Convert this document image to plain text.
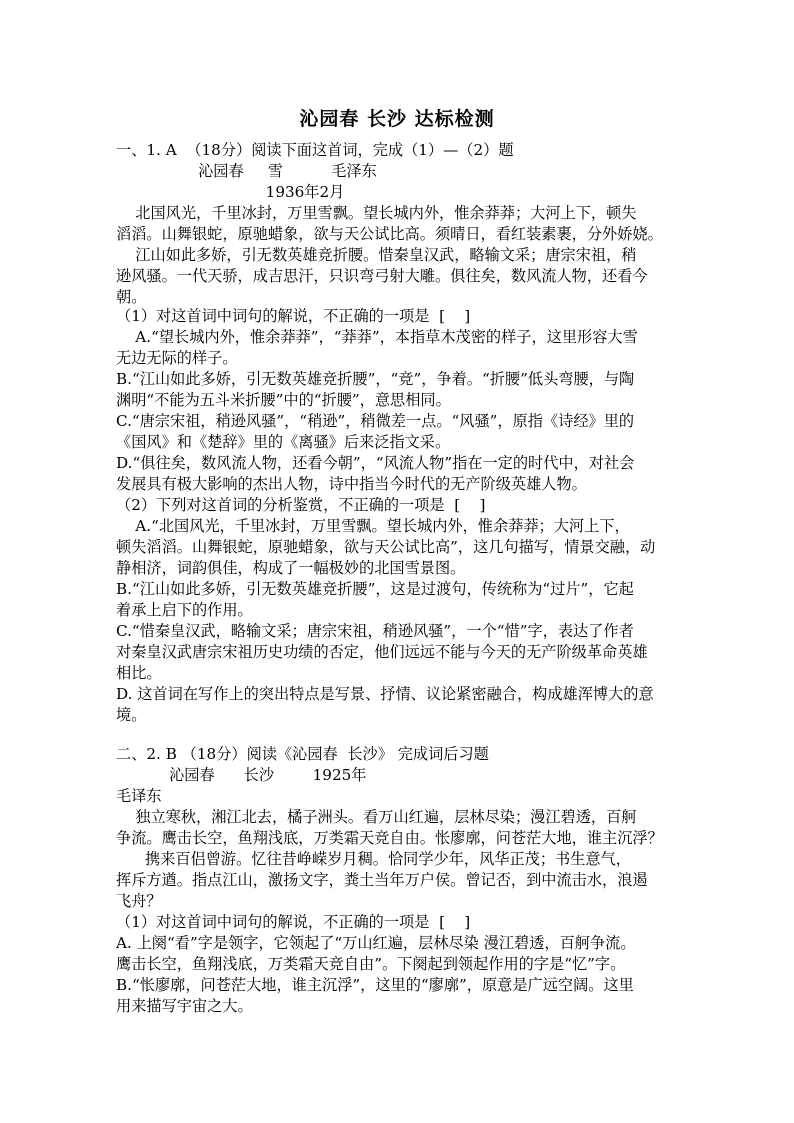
沁园春 长沙 达标检测
一、1. A  （18分）阅读下面这首词，完成（1）—（2）题
沁园春     雪          毛泽东
1936年2月
北国风光，千里冰封，万里雪飘。望长城内外，惟余莽莽；大河上下，顿失
滔滔。山舞银蛇，原驰蜡象，欲与天公试比高。须晴日，看红装素裹，分外娇娆。
江山如此多娇，引无数英雄竞折腰。惜秦皇汉武，略输文采；唐宗宋祖，稍
逊风骚。一代天骄，成吉思汗，只识弯弓射大雕。俱往矣，数风流人物，还看今
朝。
（1）对这首词中词句的解说，不正确的一项是  [    ]
A.“望长城内外，惟余莽莽”，“莽莽”，本指草木茂密的样子，这里形容大雪
无边无际的样子。
B.“江山如此多娇，引无数英雄竞折腰”，“竞”，争着。“折腰”低头弯腰，与陶
渊明“不能为五斗米折腰”中的“折腰”，意思相同。
C.“唐宗宋祖，稍逊风骚”，“稍逊”，稍微差一点。“风骚”，原指《诗经》里的
《国风》和《楚辞》里的《离骚》后来泛指文采。
D.“俱往矣，数风流人物，还看今朝”，“风流人物”指在一定的时代中，对社会
发展具有极大影响的杰出人物，诗中指当今时代的无产阶级英雄人物。
（2）下列对这首词的分析鉴赏，不正确的一项是  [    ]
A.“北国风光，千里冰封，万里雪飘。望长城内外，惟余莽莽；大河上下，
顿失滔滔。山舞银蛇，原驰蜡象，欲与天公试比高”，这几句描写，情景交融，动
静相济，词韵俱佳，构成了一幅极妙的北国雪景图。
B.“江山如此多娇，引无数英雄竞折腰”，这是过渡句，传统称为“过片”，它起
着承上启下的作用。
C.“惜秦皇汉武，略输文采；唐宗宋祖，稍逊风骚”，一个“惜”字，表达了作者
对秦皇汉武唐宗宋祖历史功绩的否定，他们远远不能与今天的无产阶级革命英雄
相比。
D. 这首词在写作上的突出特点是写景、抒情、议论紧密融合，构成雄浑博大的意
境。
二、2. B （18分）阅读《沁园春  长沙》 完成词后习题
沁园春      长沙        1925年
毛译东
独立寒秋，湘江北去，橘子洲头。看万山红遍，层林尽染；漫江碧透，百舸
争流。鹰击长空，鱼翔浅底，万类霜天竞自由。怅廖廓，问苍茫大地，谁主沉浮？
携来百侣曾游。忆往昔峥嵘岁月稠。恰同学少年，风华正茂；书生意气，
挥斥方遒。指点江山，激扬文字，粪土当年万户侯。曾记否，到中流击水，浪遏
飞舟？
（1）对这首词中词句的解说，不正确的一项是  [    ]
A. 上阕“看”字是领字，它领起了“万山红遍，层林尽染 漫江碧透，百舸争流。
鹰击长空，鱼翔浅底，万类霜天竞自由”。下阕起到领起作用的字是“忆”字。
B.“怅廖廓，问苍茫大地，谁主沉浮”，这里的“廖廓”，原意是广远空阔。这里
用来描写宇宙之大。
